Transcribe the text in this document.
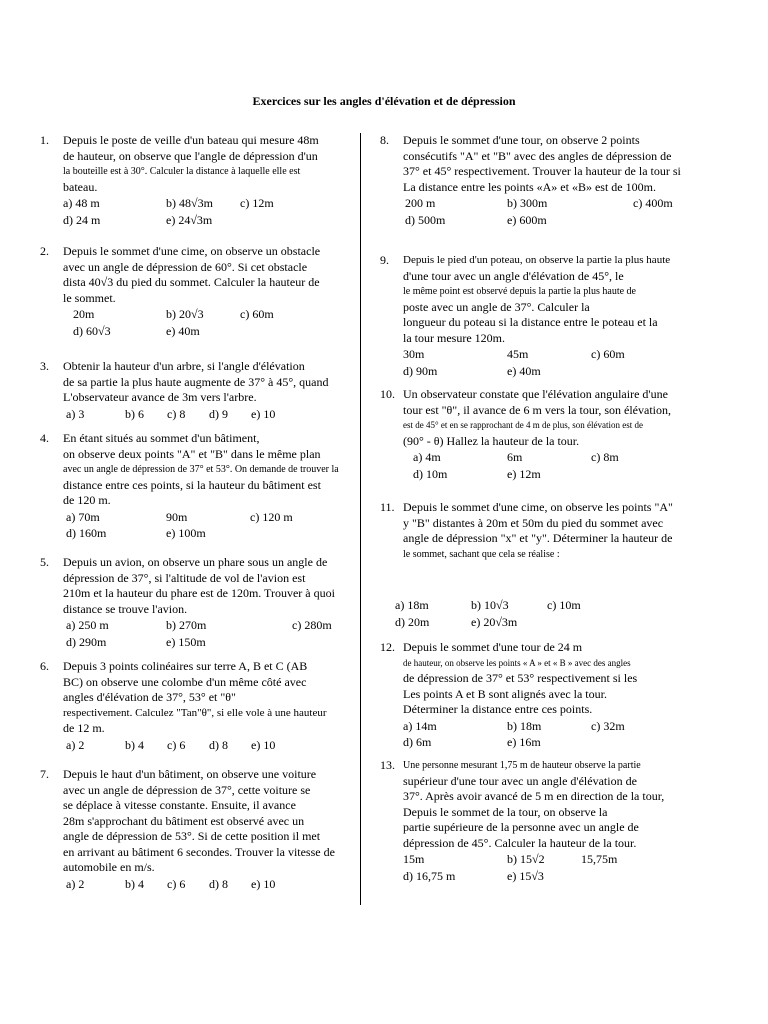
Exercices sur les angles d'élévation et de dépression
1. Depuis le poste de veille d'un bateau qui mesure 48m
de hauteur, on observe que l'angle de dépression d'un
la bouteille est à 30°. Calculer la distance à laquelle elle est
bateau.
a) 48 m	b) 48√3m	c) 12m
d) 24 m	e) 24√3m
2. Depuis le sommet d'une cime, on observe un obstacle
avec un angle de dépression de 60°. Si cet obstacle
dista 40√3 du pied du sommet. Calculer la hauteur de
le sommet.
20m	b) 20√3	c) 60m
d) 60√3	e) 40m
3. Obtenir la hauteur d'un arbre, si l'angle d'élévation
de sa partie la plus haute augmente de 37° à 45°, quand
L'observateur avance de 3m vers l'arbre.
a) 3	b) 6	c) 8	d) 9	e) 10
4. En étant situés au sommet d'un bâtiment,
on observe deux points "A" et "B" dans le même plan
avec un angle de dépression de 37° et 53°. On demande de trouver la
distance entre ces points, si la hauteur du bâtiment est
de 120 m.
a) 70m	90m	c) 120 m
d) 160m	e) 100m
5. Depuis un avion, on observe un phare sous un angle de
dépression de 37°, si l'altitude de vol de l'avion est
210m et la hauteur du phare est de 120m. Trouver à quoi
distance se trouve l'avion.
a) 250 m	b) 270m	c) 280m
d) 290m	e) 150m
6. Depuis 3 points colinéaires sur terre A, B et C (AB
BC) on observe une colombe d'un même côté avec
angles d'élévation de 37°, 53° et "θ"
respectivement. Calculez "Tan"θ", si elle vole à une hauteur
de 12 m.
a) 2	b) 4	c) 6	d) 8	e) 10
7. Depuis le haut d'un bâtiment, on observe une voiture
avec un angle de dépression de 37°, cette voiture se
se déplace à vitesse constante. Ensuite, il avance
28m s'approchant du bâtiment est observé avec un
angle de dépression de 53°. Si de cette position il met
en arrivant au bâtiment 6 secondes. Trouver la vitesse de
automobile en m/s.
a) 2	b) 4	c) 6	d) 8	e) 10
8. Depuis le sommet d'une tour, on observe 2 points
consécutifs "A" et "B" avec des angles de dépression de
37° et 45° respectivement. Trouver la hauteur de la tour si
La distance entre les points «A» et «B» est de 100m.
200 m	b) 300m	c) 400m
d) 500m	e) 600m
9. Depuis le pied d'un poteau, on observe la partie la plus haute
d'une tour avec un angle d'élévation de 45°, le
le même point est observé depuis la partie la plus haute de
poste avec un angle de 37°. Calculer la
longueur du poteau si la distance entre le poteau et la
la tour mesure 120m.
30m	45m	c) 60m
d) 90m	e) 40m
10. Un observateur constate que l'élévation angulaire d'une
tour est "θ", il avance de 6 m vers la tour, son élévation,
est de 45° et en se rapprochant de 4 m de plus, son élévation est de
(90° - θ) Hallez la hauteur de la tour.
a) 4m	6m	c) 8m
d) 10m	e) 12m
11. Depuis le sommet d'une cime, on observe les points "A"
y "B" distantes à 20m et 50m du pied du sommet avec
angle de dépression "x" et "y". Déterminer la hauteur de
le sommet, sachant que cela se réalise :
a) 18m	b) 10√3	c) 10m
d) 20m	e) 20√3m
12. Depuis le sommet d'une tour de 24 m
de hauteur, on observe les points « A » et « B » avec des angles
de dépression de 37° et 53° respectivement si les
Les points A et B sont alignés avec la tour.
Déterminer la distance entre ces points.
a) 14m	b) 18m	c) 32m
d) 6m	e) 16m
13. Une personne mesurant 1,75 m de hauteur observe la partie
supérieur d'une tour avec un angle d'élévation de
37°. Après avoir avancé de 5 m en direction de la tour,
Depuis le sommet de la tour, on observe la
partie supérieure de la personne avec un angle de
dépression de 45°. Calculer la hauteur de la tour.
15m	b) 15√2	15,75m
d) 16,75 m	e) 15√3
